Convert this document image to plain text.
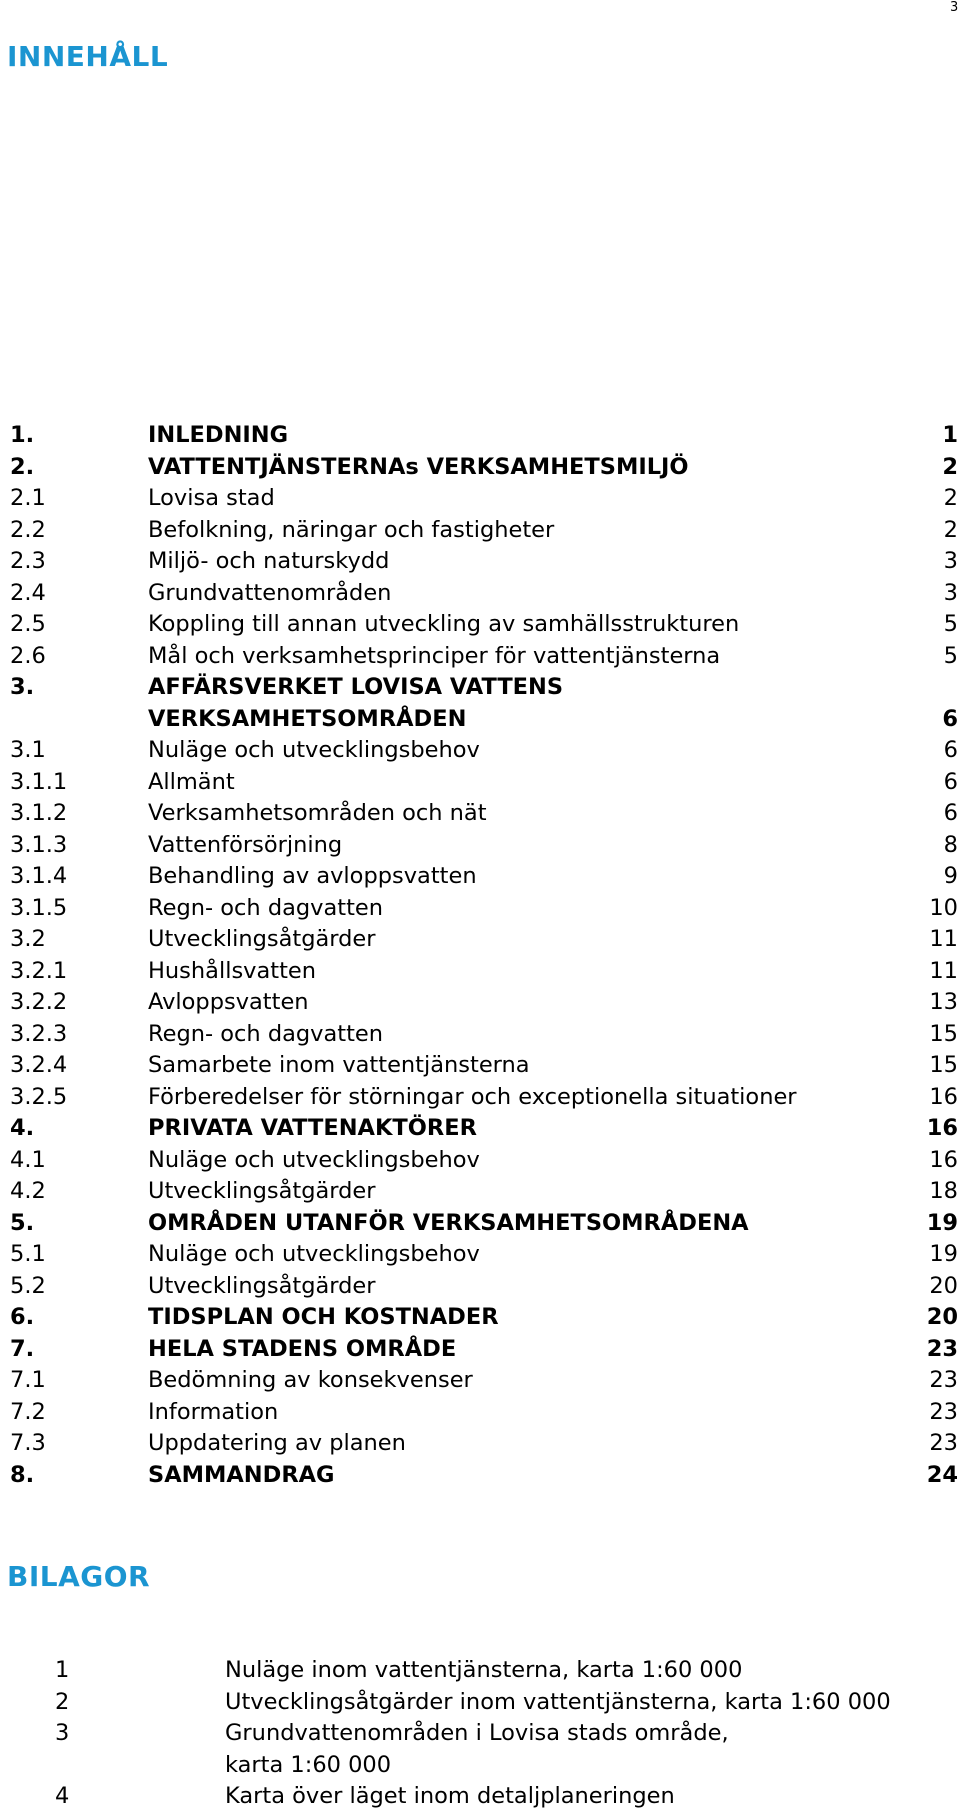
3
INNEHÅLL
1.	INLEDNING	1
2.	VATTENTJÄNSTERNAs VERKSAMHETSMILJÖ	2
2.1	Lovisa stad	2
2.2	Befolkning, näringar och fastigheter	2
2.3	Miljö- och naturskydd	3
2.4	Grundvattenområden	3
2.5	Koppling till annan utveckling av samhällsstrukturen	5
2.6	Mål och verksamhetsprinciper för vattentjänsterna	5
3.	AFFÄRSVERKET LOVISA VATTENS
VERKSAMHETSOMRÅDEN	6
3.1	Nuläge och utvecklingsbehov	6
3.1.1	Allmänt	6
3.1.2	Verksamhetsområden och nät	6
3.1.3	Vattenförsörjning	8
3.1.4	Behandling av avloppsvatten	9
3.1.5	Regn- och dagvatten	10
3.2	Utvecklingsåtgärder	11
3.2.1	Hushållsvatten	11
3.2.2	Avloppsvatten	13
3.2.3	Regn- och dagvatten	15
3.2.4	Samarbete inom vattentjänsterna	15
3.2.5	Förberedelser för störningar och exceptionella situationer	16
4.	PRIVATA VATTENAKTÖRER	16
4.1	Nuläge och utvecklingsbehov	16
4.2	Utvecklingsåtgärder	18
5.	OMRÅDEN UTANFÖR VERKSAMHETSOMRÅDENA	19
5.1	Nuläge och utvecklingsbehov	19
5.2	Utvecklingsåtgärder	20
6.	TIDSPLAN OCH KOSTNADER	20
7.	HELA STADENS OMRÅDE	23
7.1	Bedömning av konsekvenser	23
7.2	Information	23
7.3	Uppdatering av planen	23
8.	SAMMANDRAG	24
BILAGOR
1	Nuläge inom vattentjänsterna, karta 1:60 000
2	Utvecklingsåtgärder inom vattentjänsterna, karta 1:60 000
3	Grundvattenområden i Lovisa stads område,
karta 1:60 000
4	Karta över läget inom detaljplaneringen
